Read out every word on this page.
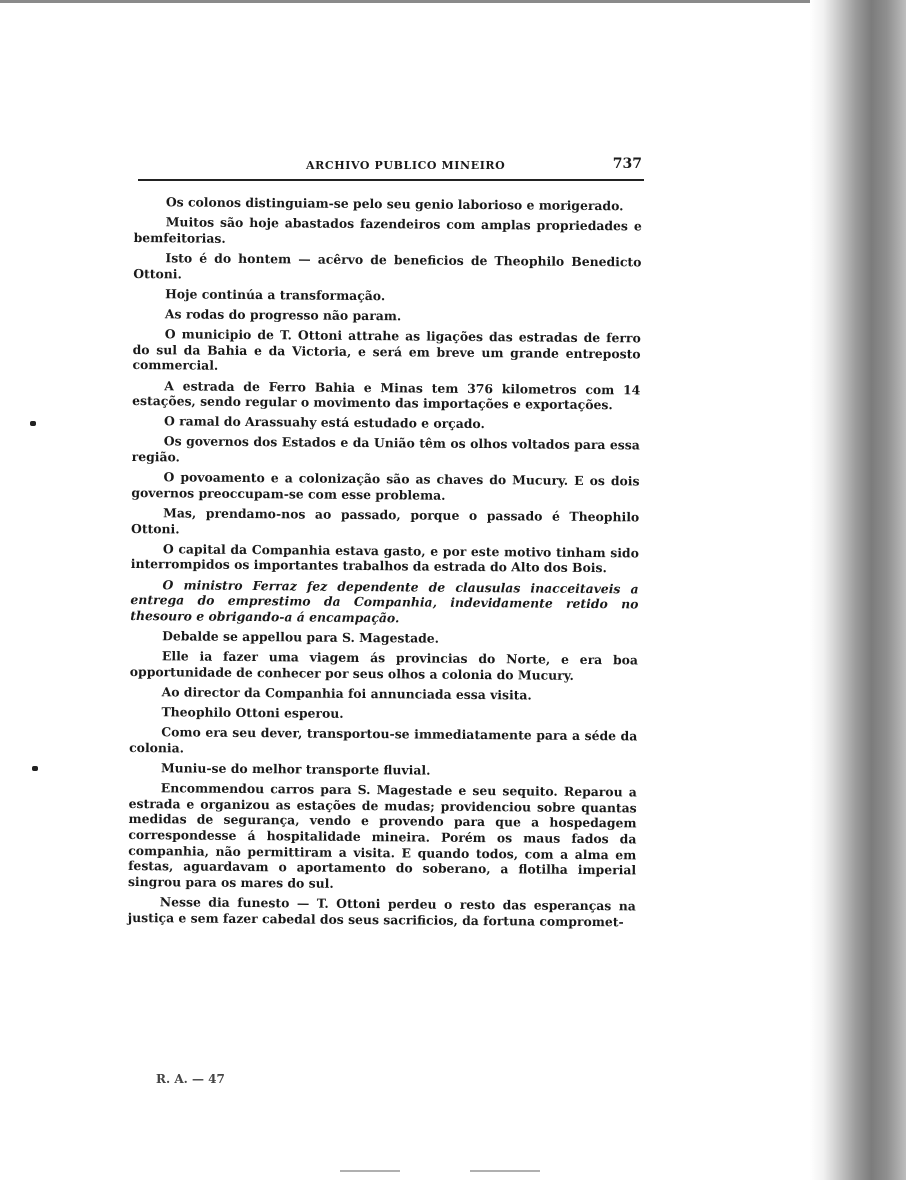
ARCHIVO PUBLICO MINEIRO	737

Os colonos distinguiam-se pelo seu genio laborioso e morigerado.

Muitos são hoje abastados fazendeiros com amplas propriedades e bemfeitorias.

Isto é do hontem — acêrvo de beneficios de Theophilo Benedicto Ottoni.

Hoje continúa a transformação.

As rodas do progresso não param.

O municipio de T. Ottoni attrahe as ligações das estradas de ferro do sul da Bahia e da Victoria, e será em breve um grande entreposto commercial.

A estrada de Ferro Bahia e Minas tem 376 kilometros com 14 estações, sendo regular o movimento das importações e exportações.

O ramal do Arassuahy está estudado e orçado.

Os governos dos Estados e da União têm os olhos voltados para essa região.

O povoamento e a colonização são as chaves do Mucury. E os dois governos preoccupam-se com esse problema.

Mas, prendamo-nos ao passado, porque o passado é Theophilo Ottoni.

O capital da Companhia estava gasto, e por este motivo tinham sido interrompidos os importantes trabalhos da estrada do Alto dos Bois.

O ministro Ferraz fez dependente de clausulas inacceitaveis a entrega do emprestimo da Companhia, indevidamente retido no thesouro e obrigando-a á encampação.

Debalde se appellou para S. Magestade.

Elle ia fazer uma viagem ás provincias do Norte, e era boa opportunidade de conhecer por seus olhos a colonia do Mucury.

Ao director da Companhia foi annunciada essa visita.

Theophilo Ottoni esperou.

Como era seu dever, transportou-se immediatamente para a séde da colonia.

Muniu-se do melhor transporte fluvial.

Encommendou carros para S. Magestade e seu sequito. Reparou a estrada e organizou as estações de mudas; providenciou sobre quantas medidas de segurança, vendo e provendo para que a hospedagem correspondesse á hospitalidade mineira. Porém os maus fados da companhia, não permittiram a visita. E quando todos, com a alma em festas, aguardavam o aportamento do soberano, a flotilha imperial singrou para os mares do sul.

Nesse dia funesto — T. Ottoni perdeu o resto das esperanças na justiça e sem fazer cabedal dos seus sacrificios, da fortuna compromet-

R. A. — 47
